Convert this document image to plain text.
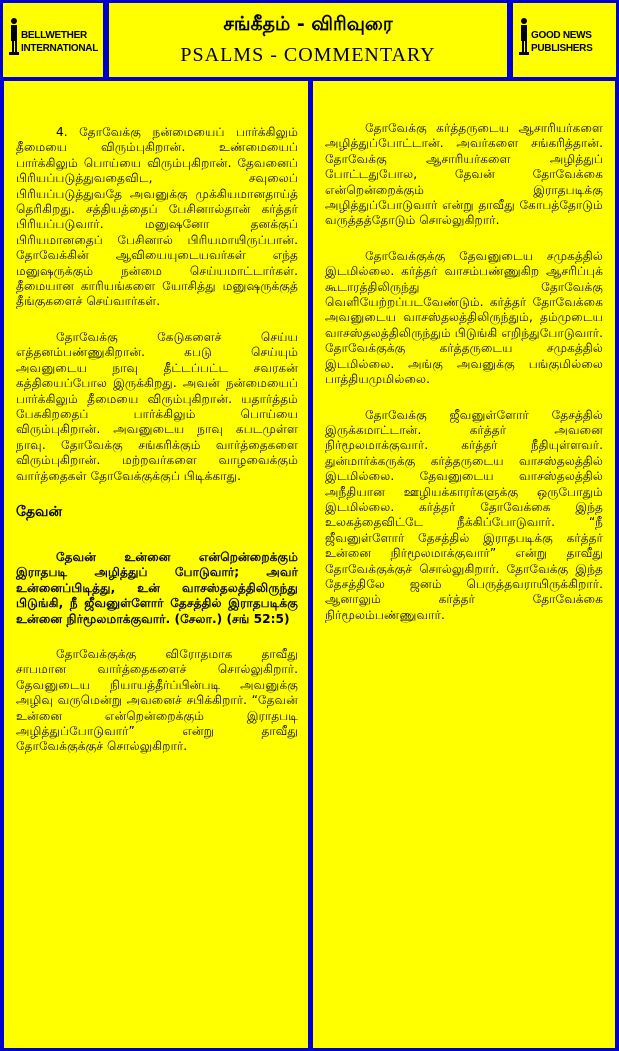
BELLWETHER INTERNATIONAL
சங்கீதம் - விரிவுரை
PSALMS - COMMENTARY
GOOD NEWS PUBLISHERS

4. தோவேக்கு நன்மையைப் பார்க்கிலும் தீமையை விரும்புகிறான். உண்மையைப் பார்க்கிலும் பொய்யை விரும்புகிறான். தேவனைப் பிரியப்படுத்துவதைவிட, சவுலைப் பிரியப்படுத்துவதே அவனுக்கு முக்கியமானதாய்த் தெரிகிறது. சத்தியத்தைப் பேசினால்தான் கர்த்தர் பிரியப்படுவார். மனுஷனோ தனக்குப் பிரியமானதைப் பேசினால் பிரியமாயிருப்பான். தோவேக்கின் ஆவியையுடையவர்கள் எந்த மனுஷருக்கும் நன்மை செய்யமாட்டார்கள். தீமையான காரியங்களை யோசித்து மனுஷருக்குத் தீங்குகளைச் செய்வார்கள்.

தோவேக்கு கேடுகளைச் செய்ய எத்தனம்பண்ணுகிறான். கபடு செய்யும் அவனுடைய நாவு தீட்டப்பட்ட சவரகன் கத்தியைப்போல இருக்கிறது. அவன் நன்மையைப் பார்க்கிலும் தீமையை விரும்புகிறான். யதார்த்தம் பேசுகிறதைப் பார்க்கிலும் பொய்யை விரும்புகிறான். அவனுடைய நாவு கபடமுள்ள நாவு. தோவேக்கு சங்கரிக்கும் வார்த்தைகளை விரும்புகிறான். மற்றவர்களை வாழவைக்கும் வார்த்தைகள் தோவேக்குக்குப் பிடிக்காது.

தேவன்

தேவன் உன்னை என்றென்றைக்கும் இராதபடி அழித்துப் போடுவார்; அவர் உன்னைப்பிடித்து, உன் வாசஸ்தலத்திலிருந்து பிடுங்கி, நீ ஜீவனுள்ளோர் தேசத்தில் இராதபடிக்கு உன்னை நிர்மூலமாக்குவார். (சேலா.) (சங் 52:5)

தோவேக்குக்கு விரோதமாக தாவீது சாபமான வார்த்தைகளைச் சொல்லுகிறார். தேவனுடைய நியாயத்தீர்ப்பின்படி அவனுக்கு அழிவு வருமென்று அவனைச் சபிக்கிறார். “தேவன் உன்னை என்றென்றைக்கும் இராதபடி அழித்துப்போடுவார்” என்று தாவீது தோவேக்குக்குச் சொல்லுகிறார்.

தோவேக்கு கர்த்தருடைய ஆசாரியர்களை அழித்துப்போட்டான். அவர்களை சங்கரித்தான். தோவேக்கு ஆசாரியர்களை அழித்துப் போட்டதுபோல, தேவன் தோவேக்கை என்றென்றைக்கும் இராதபடிக்கு அழித்துப்போடுவார் என்று தாவீது கோபத்தோடும் வருத்தத்தோடும் சொல்லுகிறார்.

தோவேக்குக்கு தேவனுடைய சமுகத்தில் இடமில்லை. கர்த்தர் வாசம்பண்ணுகிற ஆசரிப்புக் கூடாரத்திலிருந்து தோவேக்கு வெளியேற்றப்படவேண்டும். கர்த்தர் தோவேக்கை அவனுடைய வாசஸ்தலத்திலிருந்தும், தம்முடைய வாசஸ்தலத்திலிருந்தும் பிடுங்கி எறிந்துபோடுவார். தோவேக்குக்கு கர்த்தருடைய சமுகத்தில் இடமில்லை. அங்கு அவனுக்கு பங்குமில்லை பாத்தியமுமில்லை.

தோவேக்கு ஜீவனுள்ளோர் தேசத்தில் இருக்கமாட்டான். கர்த்தர் அவனை நிர்மூலமாக்குவார். கர்த்தர் நீதியுள்ளவர். துன்மார்க்கருக்கு கர்த்தருடைய வாசஸ்தலத்தில் இடமில்லை. தேவனுடைய வாசஸ்தலத்தில் அநீதியான ஊழியக்காரர்களுக்கு ஒருபோதும் இடமில்லை. கர்த்தர் தோவேக்கை இந்த உலகத்தைவிட்டே நீக்கிப்போடுவார். “நீ ஜீவனுள்ளோர் தேசத்தில் இராதபடிக்கு கர்த்தர் உன்னை நிர்மூலமாக்குவார்” என்று தாவீது தோவேக்குக்குச் சொல்லுகிறார். தோவேக்கு இந்த தேசத்திலே ஜனம் பெருத்தவராயிருக்கிறார். ஆனாலும் கர்த்தர் தோவேக்கை நிர்மூலம்பண்ணுவார்.
